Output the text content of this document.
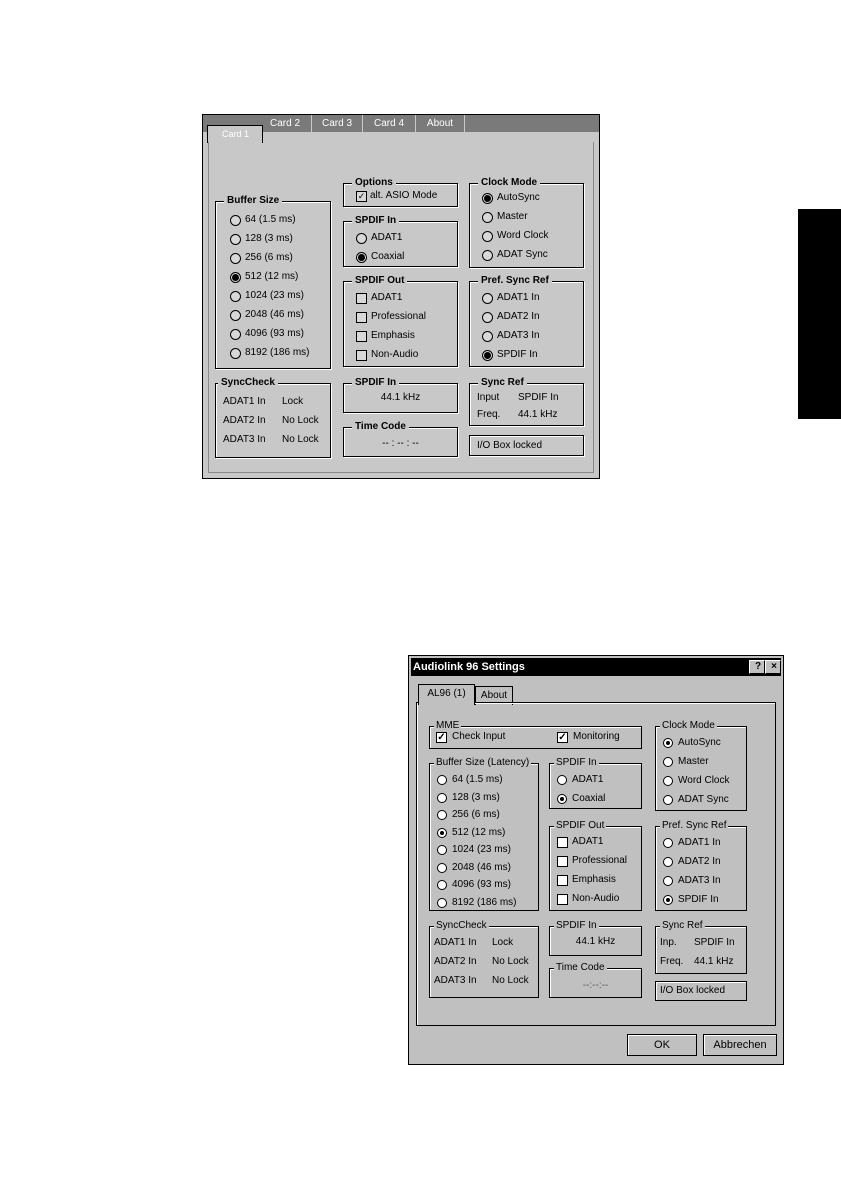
Card 2	Card 3	Card 4	About
Card 1
Buffer Size
64 (1.5 ms)
128 (3 ms)
256 (6 ms)
512 (12 ms)
1024 (23 ms)
2048 (46 ms)
4096 (93 ms)
8192 (186 ms)
Options
✓ alt. ASIO Mode
SPDIF In
ADAT1
Coaxial
SPDIF Out
ADAT1
Professional
Emphasis
Non-Audio
Clock Mode
AutoSync
Master
Word Clock
ADAT Sync
Pref. Sync Ref
ADAT1 In
ADAT2 In
ADAT3 In
SPDIF In
SyncCheck
ADAT1 In Lock
ADAT2 In No Lock
ADAT3 In No Lock
SPDIF In
44.1 kHz
Time Code
-- : -- : --
Sync Ref
Input SPDIF In
Freq. 44.1 kHz
I/O Box locked
Audiolink 96 Settings	?	×
AL96 (1)	About
MME
✓ Check Input	✓ Monitoring
Buffer Size (Latency)
64 (1.5 ms)
128 (3 ms)
256 (6 ms)
512 (12 ms)
1024 (23 ms)
2048 (46 ms)
4096 (93 ms)
8192 (186 ms)
SPDIF In
ADAT1
Coaxial
SPDIF Out
ADAT1
Professional
Emphasis
Non-Audio
Clock Mode
AutoSync
Master
Word Clock
ADAT Sync
Pref. Sync Ref
ADAT1 In
ADAT2 In
ADAT3 In
SPDIF In
SyncCheck
ADAT1 In Lock
ADAT2 In No Lock
ADAT3 In No Lock
SPDIF In
44.1 kHz
Time Code
--:--:--
Sync Ref
Inp. SPDIF In
Freq. 44.1 kHz
I/O Box locked
OK	Abbrechen
